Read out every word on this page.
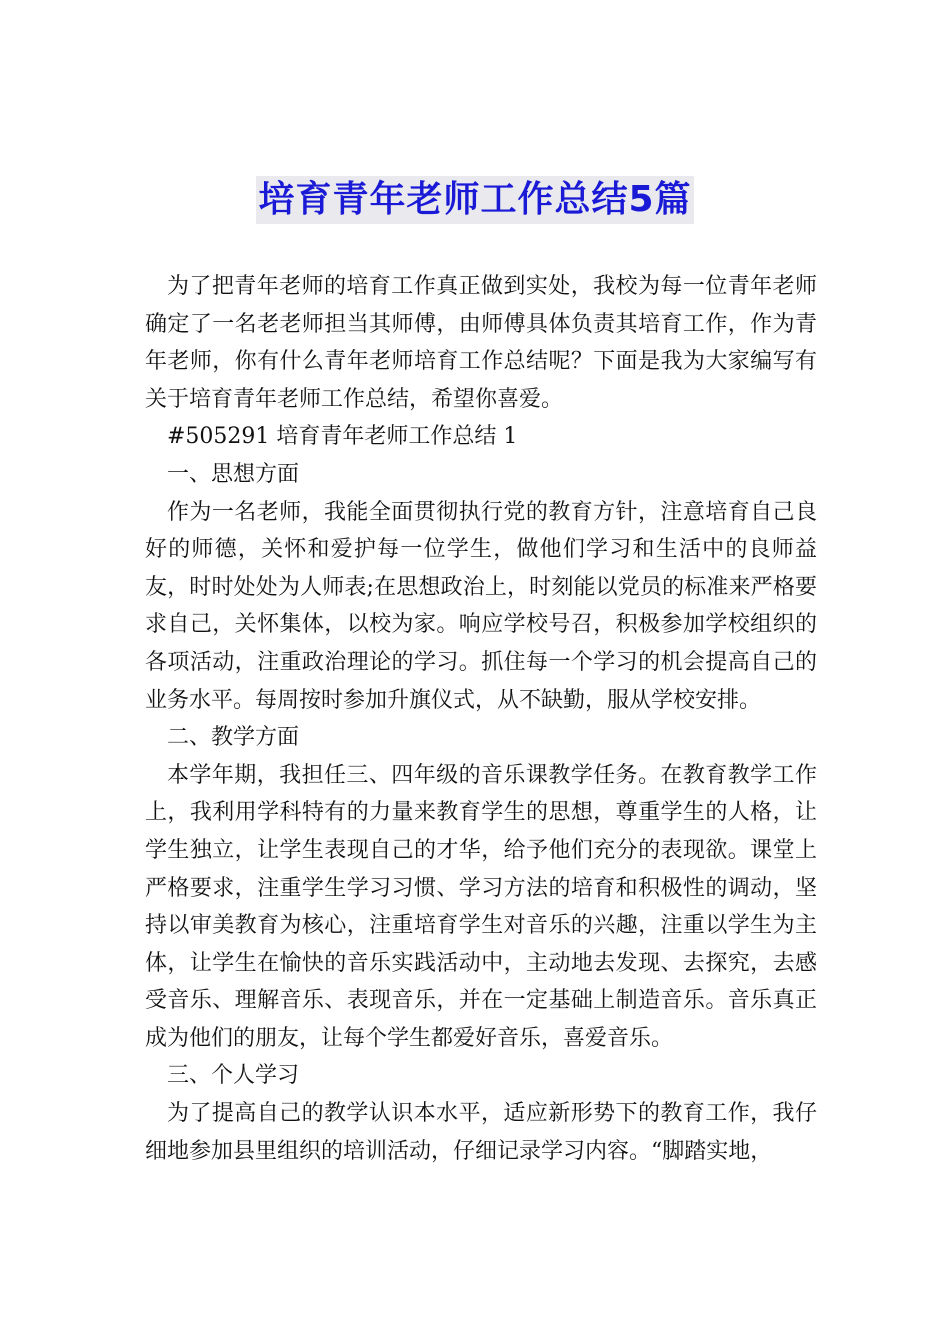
培育青年老师工作总结5篇

为了把青年老师的培育工作真正做到实处，我校为每一位青年老师确定了一名老老师担当其师傅，由师傅具体负责其培育工作，作为青年老师，你有什么青年老师培育工作总结呢？下面是我为大家编写有关于培育青年老师工作总结，希望你喜爱。

#505291 培育青年老师工作总结 1

一、思想方面

作为一名老师，我能全面贯彻执行党的教育方针，注意培育自己良好的师德，关怀和爱护每一位学生，做他们学习和生活中的良师益友，时时处处为人师表;在思想政治上，时刻能以党员的标准来严格要求自己，关怀集体，以校为家。响应学校号召，积极参加学校组织的各项活动，注重政治理论的学习。抓住每一个学习的机会提高自己的业务水平。每周按时参加升旗仪式，从不缺勤，服从学校安排。

二、教学方面

本学年期，我担任三、四年级的音乐课教学任务。在教育教学工作上，我利用学科特有的力量来教育学生的思想，尊重学生的人格，让学生独立，让学生表现自己的才华，给予他们充分的表现欲。课堂上严格要求，注重学生学习习惯、学习方法的培育和积极性的调动，坚持以审美教育为核心，注重培育学生对音乐的兴趣，注重以学生为主体，让学生在愉快的音乐实践活动中，主动地去发现、去探究，去感受音乐、理解音乐、表现音乐，并在一定基础上制造音乐。音乐真正成为他们的朋友，让每个学生都爱好音乐，喜爱音乐。

三、个人学习

为了提高自己的教学认识本水平，适应新形势下的教育工作，我仔细地参加县里组织的培训活动，仔细记录学习内容。“脚踏实地，
